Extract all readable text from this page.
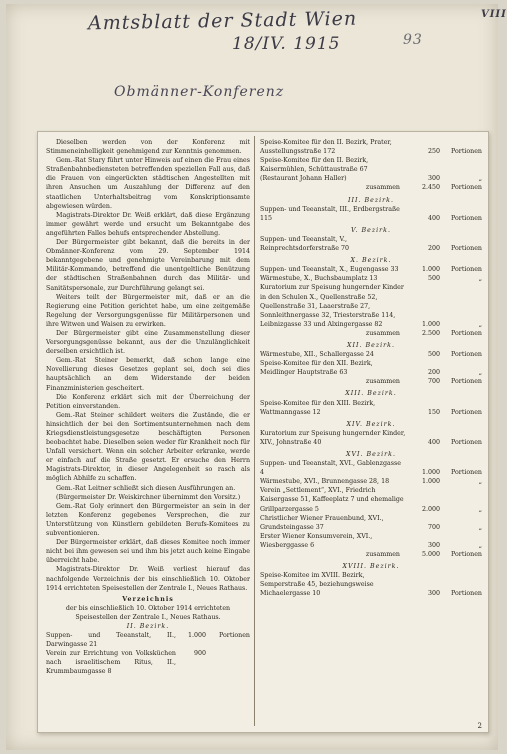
Amtsblatt der Stadt Wien
18/IV. 1915	93
VIII
Obmänner-Konferenz

Dieselben werden von der Konferenz mit Stimmeneinhelligkeit genehmigend zur Kenntnis genommen.

Gem.-Rat Stary führt unter Hinweis auf einen die Frau eines Straßenbahnbediensteten betreffenden speziellen Fall aus, daß die Frauen von eingerückten städtischen Angestellten mit ihren Ansuchen um Auszahlung der Differenz auf den staatlichen Unterhaltsbeitrag vom Konskriptionsamte abgewiesen würden.

Magistrats-Direktor Dr. Weiß erklärt, daß diese Ergänzung immer gewährt werde und ersucht um Bekanntgabe des angeführten Falles behufs entsprechender Abstellung.

Der Bürgermeister gibt bekannt, daß die bereits in der Obmänner-Konferenz vom 29. September 1914 bekanntgegebene und genehmigte Vereinbarung mit dem Militär-Kommando, betreffend die unentgeltliche Benützung der städtischen Straßenbahnen durch das Militär- und Sanitätspersonale, zur Durchführung gelangt sei.

Weiters teilt der Bürgermeister mit, daß er an die Regierung eine Petition gerichtet habe, um eine zeitgemäße Regelung der Versorgungsgenüsse für Militärpersonen und ihre Witwen und Waisen zu erwirken.

Der Bürgermeister gibt eine Zusammenstellung dieser Versorgungsgenüsse bekannt, aus der die Unzulänglichkeit derselben ersichtlich ist.

Gem.-Rat Steiner bemerkt, daß schon lange eine Novellierung dieses Gesetzes geplant sei, doch sei dies hauptsächlich an dem Widerstande der beiden Finanzministerien gescheitert.

Die Konferenz erklärt sich mit der Überreichung der Petition einverstanden.

Gem.-Rat Steiner schildert weiters die Zustände, die er hinsichtlich der bei den Sortimentsunternehmen nach dem Kriegsdienstleistungsgesetze beschäftigten Personen beobachtet habe. Dieselben seien weder für Krankheit noch für Unfall versichert. Wenn ein solcher Arbeiter erkranke, werde er einfach auf die Straße gesetzt. Er ersuche den Herrn Magistrats-Direktor, in dieser Angelegenheit so rasch als möglich Abhilfe zu schaffen.

Gem.-Rat Leitner schließt sich diesen Ausführungen an.

(Bürgermeister Dr. Weiskirchner übernimmt den Vorsitz.)

Gem.-Rat Goly erinnert den Bürgermeister an sein in der letzten Konferenz gegebenes Versprechen, die zur Unterstützung von Künstlern gebildeten Berufs-Komitees zu subventionieren.

Der Bürgermeister erklärt, daß dieses Komitee noch immer nicht bei ihm gewesen sei und ihm bis jetzt auch keine Eingabe überreicht habe.

Magistrats-Direktor Dr. Weiß verliest hierauf das nachfolgende Verzeichnis der bis einschließlich 10. Oktober 1914 errichteten Speisestellen der Zentrale I., Neues Rathaus.

Verzeichnis

der bis einschließlich 10. Oktober 1914 errichteten Speisestellen der Zentrale I., Neues Rathaus.

II. Bezirk.

Suppen- und Teeanstalt, II., Darwingasse 21
1.000	Portionen
Verein zur Errichtung von Volksküchen nach israelitischem Ritus, II., Krummbaumgasse 8
900
Speise-Komitee für den II. Bezirk, Prater, Ausstellungsstraße 172	250	Portionen
Speise-Komitee für den II. Bezirk, Kaisermühlen, Schüttaustraße 67 (Restaurant Johann Haller)	300	„
zusammen	2.450	Portionen
III. Bezirk.
Suppen- und Teeanstalt, III., Erdbergstraße 115	400	Portionen
V. Bezirk.
Suppen- und Teeanstalt, V., Reinprechtsdorferstraße 70	200	Portionen
X. Bezirk.
Suppen- und Teeanstalt, X., Eugengasse 33	1.000	Portionen
Wärmestube, X., Buchsbaumplatz 13	500	„
Kuratorium zur Speisung hungernder Kinder in den Schulen X., Quellenstraße 52, Quellenstraße 31, Laaerstraße 27, Sonnleithnergasse 32, Triesterstraße 114, Leibnizgasse 33 und Alxingergasse 82	1.000	„
zusammen	2.500	Portionen
XII. Bezirk.
Wärmestube, XII., Schallergasse 24	500	Portionen
Speise-Komitee für den XII. Bezirk, Meidlinger Hauptstraße 63	200	„
zusammen	700	Portionen
XIII. Bezirk.
Speise-Komitee für den XIII. Bezirk, Wattmanngasse 12	150	Portionen
XIV. Bezirk.
Kuratorium zur Speisung hungernder Kinder, XIV., Johnstraße 40	400	Portionen
XVI. Bezirk.
Suppen- und Teeanstalt, XVI., Gablenzgasse 4	1.000	Portionen
Wärmestube, XVI., Brunnengasse 28, 18	1.000	„
Verein „Settlement“, XVI., Friedrich Kaisergasse 51, Kaffeeplatz 7 und ehemalige Grillparzergasse 5	2.000	„
Christlicher Wiener Frauenbund, XVI., Grundsteingasse 37	700	„
Erster Wiener Konsumverein, XVI., Wiesberggasse 6	300	„
zusammen	5.000	Portionen
XVIII. Bezirk.
Speise-Komitee im XVIII. Bezirk, Semperstraße 45, beziehungsweise Michaelergasse 10	300	Portionen
2
